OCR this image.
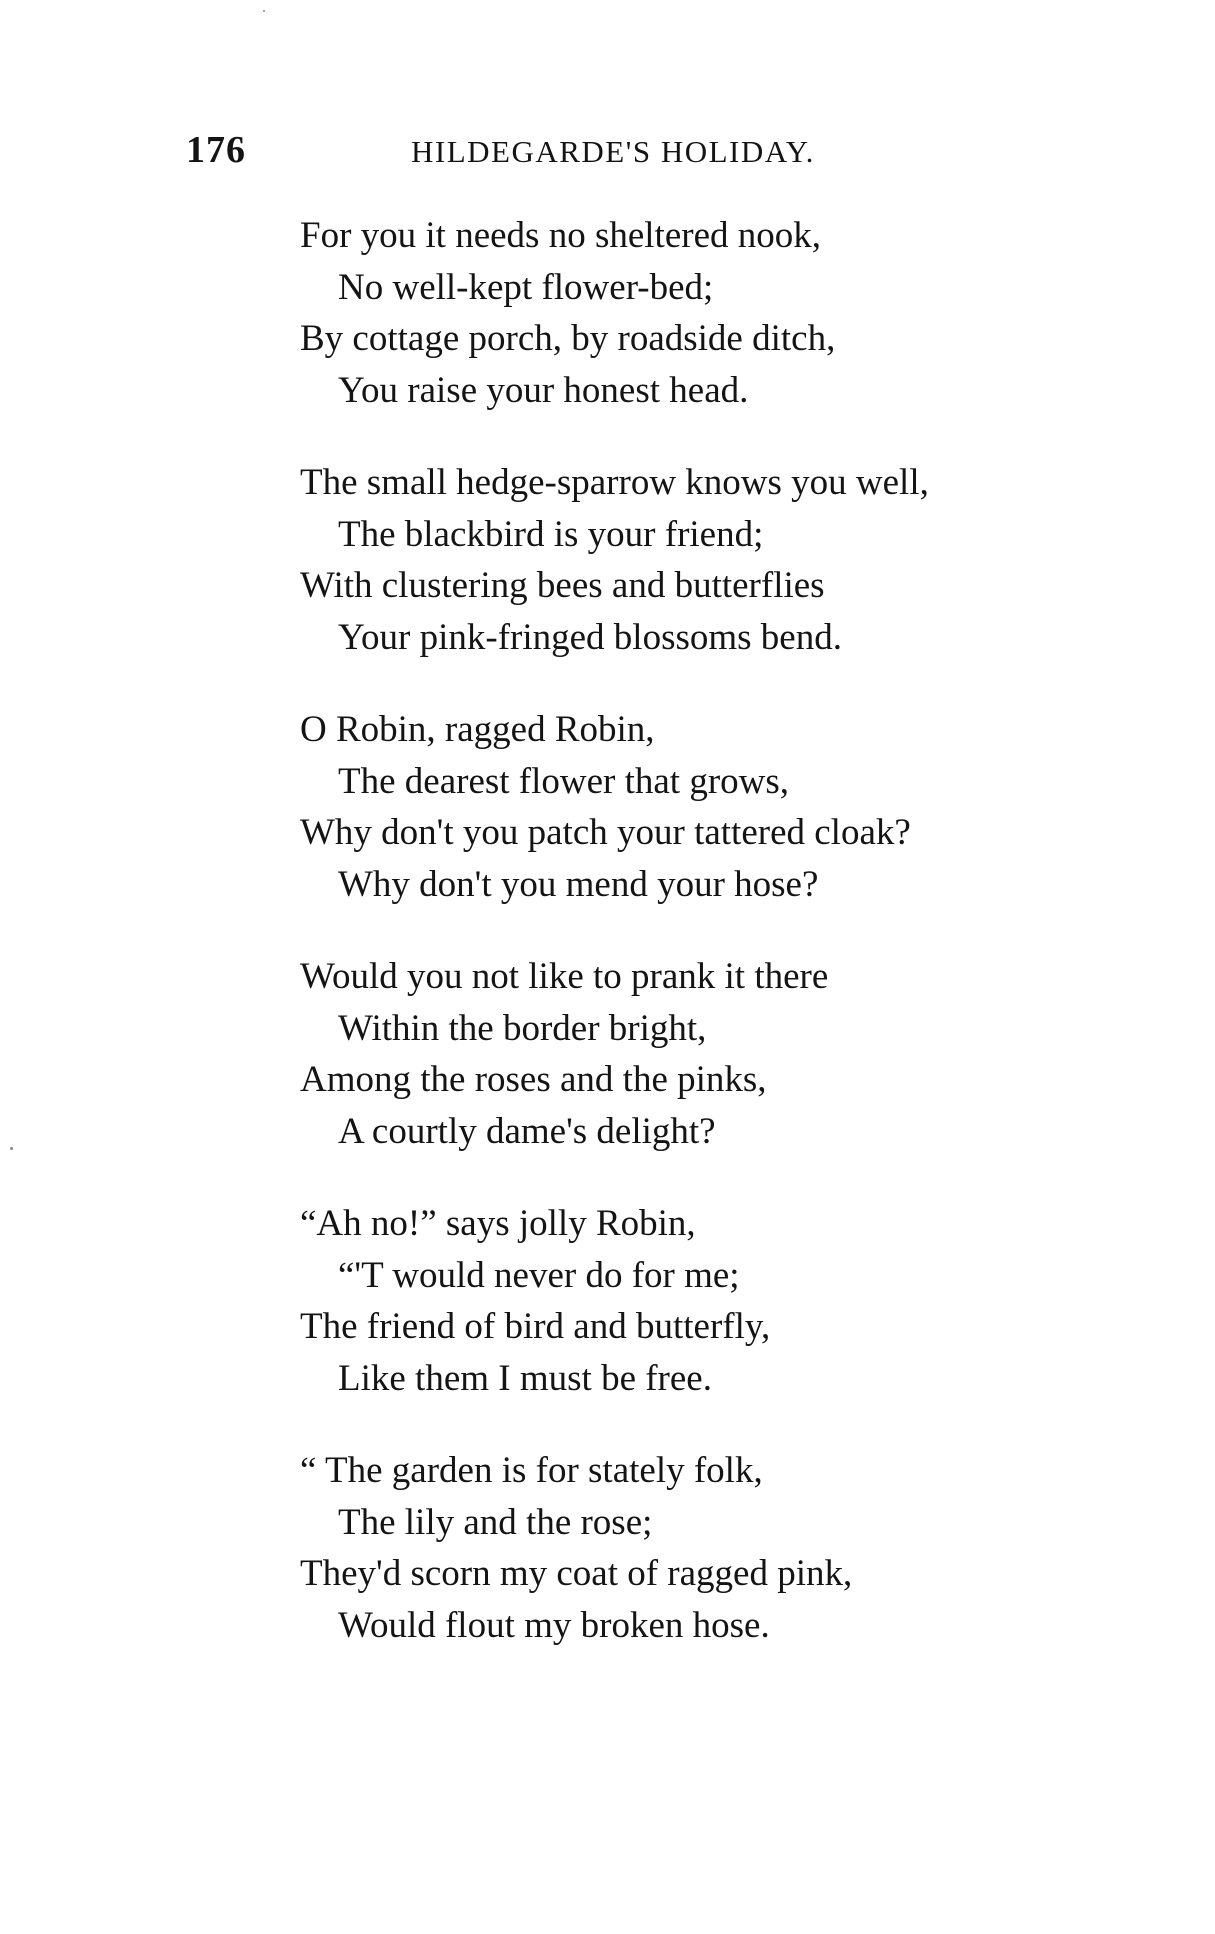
176	HILDEGARDE'S HOLIDAY.
For you it needs no sheltered nook,
No well-kept flower-bed;
By cottage porch, by roadside ditch,
You raise your honest head.
The small hedge-sparrow knows you well,
The blackbird is your friend;
With clustering bees and butterflies
Your pink-fringed blossoms bend.
O Robin, ragged Robin,
The dearest flower that grows,
Why don't you patch your tattered cloak?
Why don't you mend your hose?
Would you not like to prank it there
Within the border bright,
Among the roses and the pinks,
A courtly dame's delight?
“Ah no!” says jolly Robin,
“'T would never do for me;
The friend of bird and butterfly,
Like them I must be free.
“ The garden is for stately folk,
The lily and the rose;
They'd scorn my coat of ragged pink,
Would flout my broken hose.
